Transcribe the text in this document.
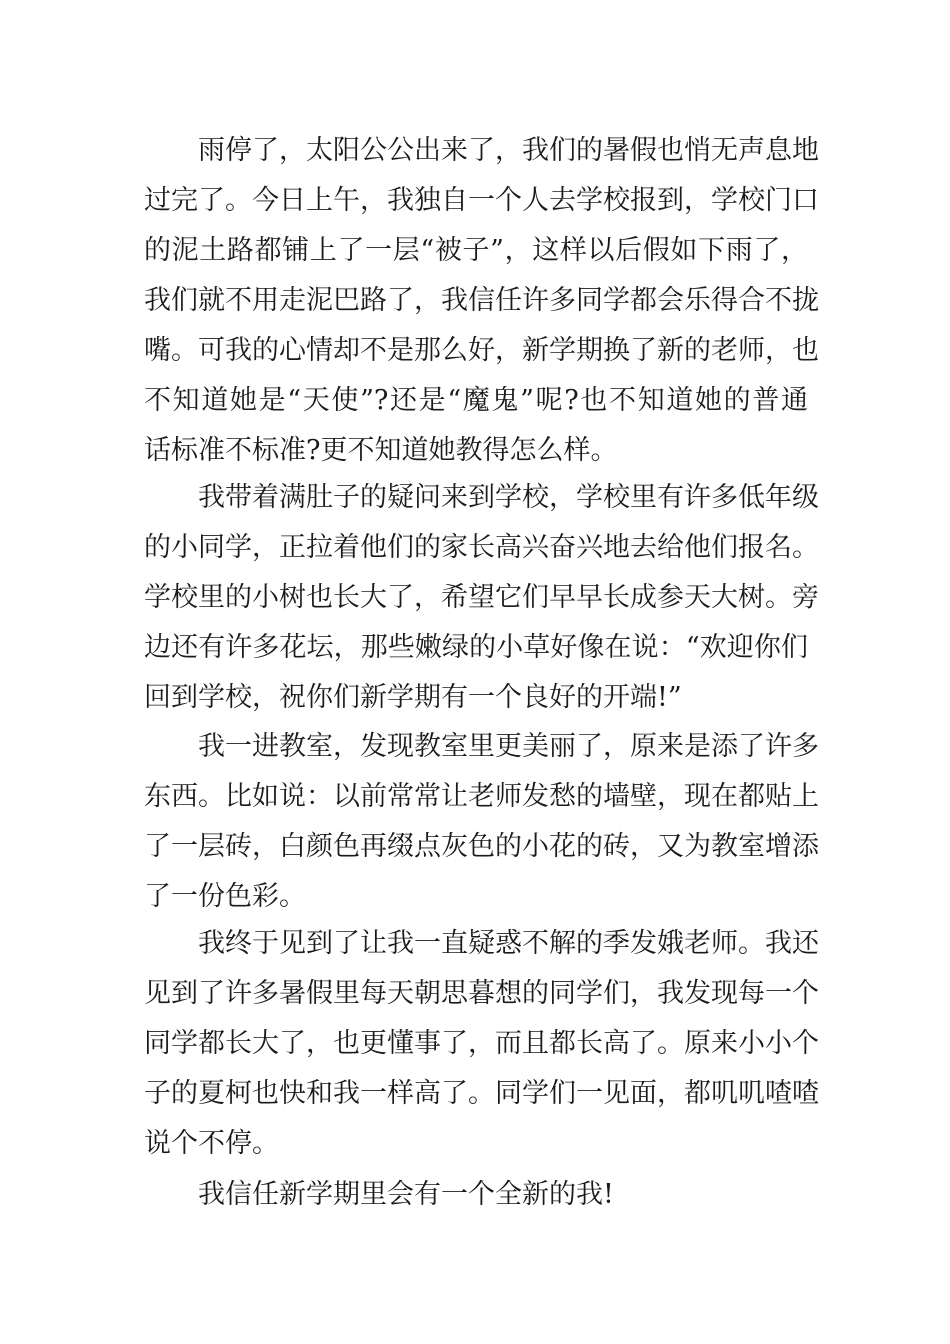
雨停了，太阳公公出来了，我们的暑假也悄无声息地

过完了。今日上午，我独自一个人去学校报到，学校门口

的泥土路都铺上了一层“被子”，这样以后假如下雨了，

我们就不用走泥巴路了，我信任许多同学都会乐得合不拢

嘴。可我的心情却不是那么好，新学期换了新的老师，也

不知道她是“天使”?还是“魔鬼”呢?也不知道她的普通

话标准不标准?更不知道她教得怎么样。

我带着满肚子的疑问来到学校，学校里有许多低年级

的小同学，正拉着他们的家长高兴奋兴地去给他们报名。

学校里的小树也长大了，希望它们早早长成参天大树。旁

边还有许多花坛，那些嫩绿的小草好像在说：“欢迎你们

回到学校，祝你们新学期有一个良好的开端!”

我一进教室，发现教室里更美丽了，原来是添了许多

东西。比如说：以前常常让老师发愁的墙壁，现在都贴上

了一层砖，白颜色再缀点灰色的小花的砖，又为教室增添

了一份色彩。

我终于见到了让我一直疑惑不解的季发娥老师。我还

见到了许多暑假里每天朝思暮想的同学们，我发现每一个

同学都长大了，也更懂事了，而且都长高了。原来小小个

子的夏柯也快和我一样高了。同学们一见面，都叽叽喳喳

说个不停。

我信任新学期里会有一个全新的我!
